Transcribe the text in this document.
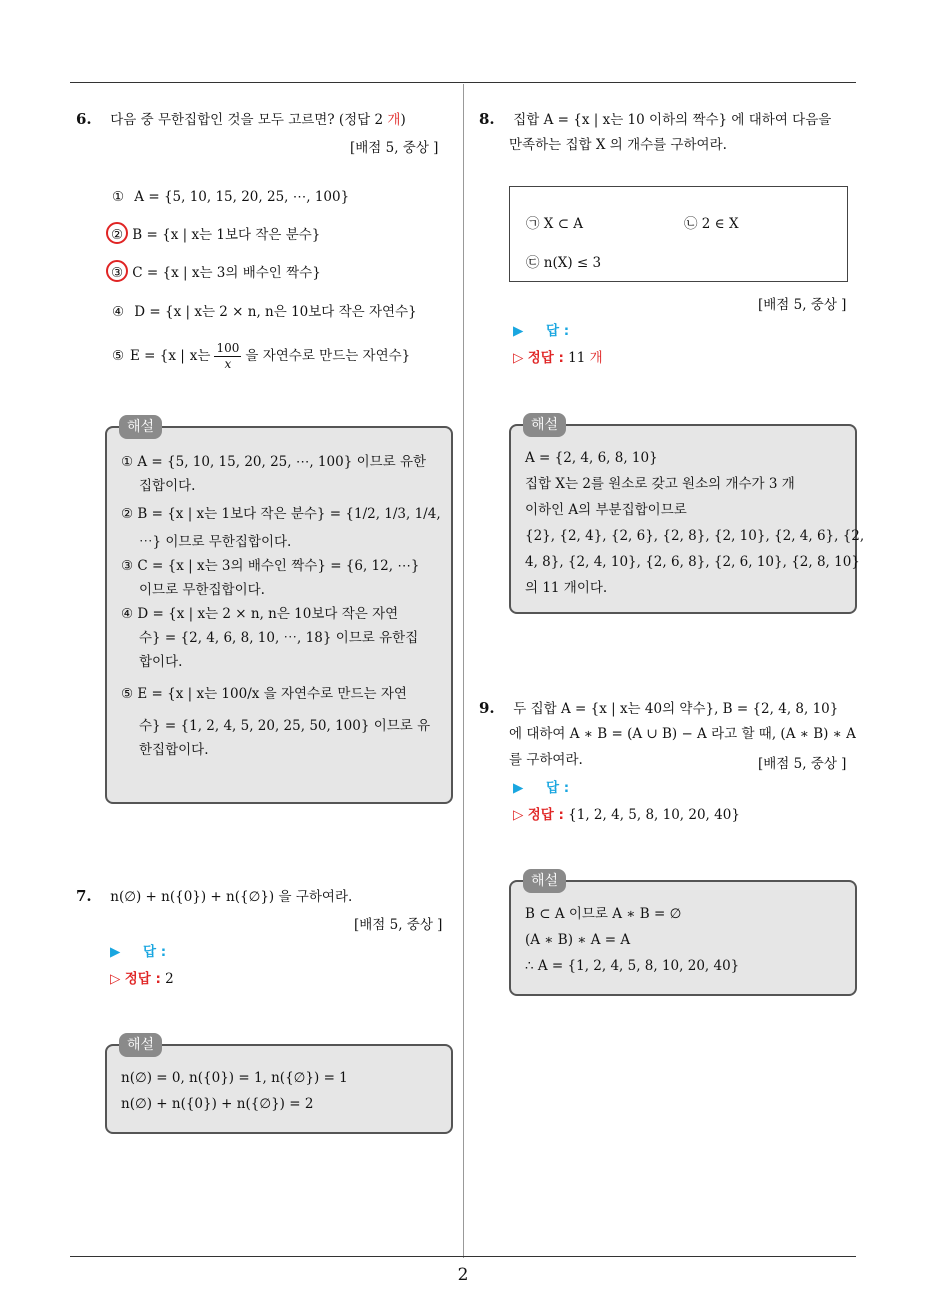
2
6. 다음 중 무한집합인 것을 모두 고르면? (정답 2 개)
[배점 5, 중상 ]
① A = {5, 10, 15, 20, 25, ⋯, 100}
② B = {x | x는 1보다 작은 분수}
③ C = {x | x는 3의 배수인 짝수}
④ D = {x | x는 2 × n, n은 10보다 작은 자연수}
⑤ E = {x | x는 $\frac{100}{x}$ 을 자연수로 만드는 자연수}
해설
① A = {5, 10, 15, 20, 25, ⋯, 100} 이므로 유한
집합이다.
② B = {x | x는 1보다 작은 분수} = {1/2, 1/3, 1/4,
⋯} 이므로 무한집합이다.
③ C = {x | x는 3의 배수인 짝수} = {6, 12, ⋯}
이므로 무한집합이다.
④ D = {x | x는 2 × n, n은 10보다 작은 자연
수} = {2, 4, 6, 8, 10, ⋯, 18} 이므로 유한집
합이다.
⑤ E = {x | x는 100/x 을 자연수로 만드는 자연
수} = {1, 2, 4, 5, 20, 25, 50, 100} 이므로 유
한집합이다.
7. n(∅) + n({0}) + n({∅}) 을 구하여라.
[배점 5, 중상 ]
▶ 답 :
▷ 정답 : 2
해설
n(∅) = 0, n({0}) = 1, n({∅}) = 1
n(∅) + n({0}) + n({∅}) = 2
8. 집합 A = {x | x는 10 이하의 짝수} 에 대하여 다음을
만족하는 집합 X 의 개수를 구하여라.
㉠ X ⊂ A	㉡ 2 ∈ X
㉢ n(X) ≤ 3
[배점 5, 중상 ]
▶ 답 :
▷ 정답 : 11 개
해설
A = {2, 4, 6, 8, 10}
집합 X는 2를 원소로 갖고 원소의 개수가 3 개
이하인 A의 부분집합이므로
{2}, {2, 4}, {2, 6}, {2, 8}, {2, 10}, {2, 4, 6}, {2,
4, 8}, {2, 4, 10}, {2, 6, 8}, {2, 6, 10}, {2, 8, 10}
의 11 개이다.
9. 두 집합 A = {x | x는 40의 약수}, B = {2, 4, 8, 10}
에 대하여 A ∗ B = (A ∪ B) − A 라고 할 때, (A ∗ B) ∗ A
를 구하여라.	[배점 5, 중상 ]
▶ 답 :
▷ 정답 : {1, 2, 4, 5, 8, 10, 20, 40}
해설
B ⊂ A 이므로 A ∗ B = ∅
(A ∗ B) ∗ A = A
∴ A = {1, 2, 4, 5, 8, 10, 20, 40}
